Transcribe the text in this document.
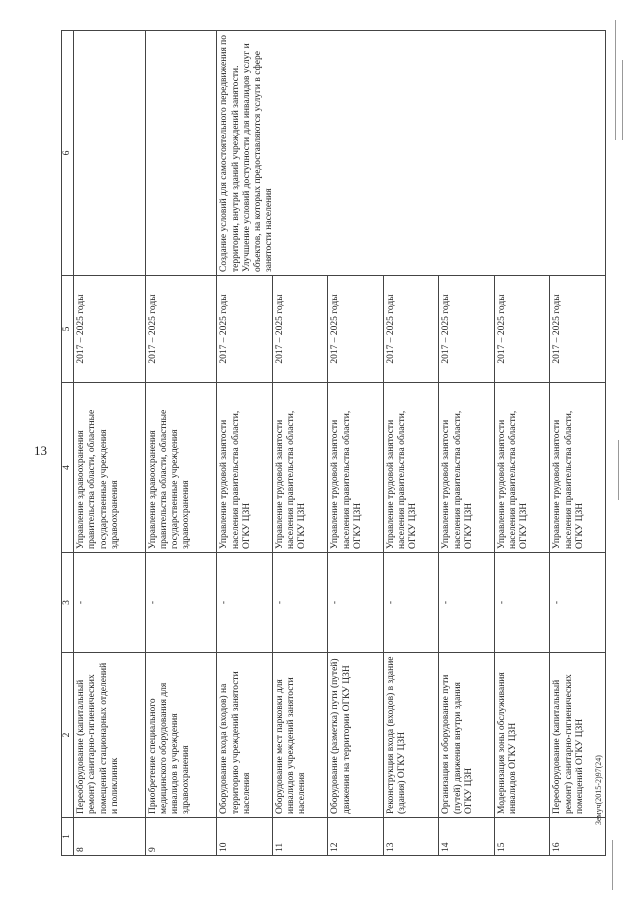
13
Земуч(2015-2)97(24)
1	2	3	4	5	6
8	Переоборудование (капитальный ремонт) санитарно-гигиенических помещений стационарных отделений и поликлиник	-	Управление здравоохранения правительства области, областные государственные учреждения здравоохранения	2017 – 2025 годы	
9	Приобретение специального медицинского оборудования для инвалидов в учреждения здравоохранения	-	Управление здравоохранения правительства области, областные государственные учреждения здравоохранения	2017 – 2025 годы	
10	Оборудование входа (входов) на территорию учреждений занятости населения	-	Управление трудовой занятости населения правительства области, ОГКУ ЦЗН	2017 – 2025 годы	Создание условий для самостоятельного передвижения по территории, внутри зданий учреждений занятости. Улучшение условий доступности для инвалидов услуг и объектов, на которых предоставляются услуги в сфере занятости населения
11	Оборудование мест парковки для инвалидов учреждений занятости населения	-	Управление трудовой занятости населения правительства области, ОГКУ ЦЗН	2017 – 2025 годы	
12	Оборудование (разметка) пути (путей) движения на территории ОГКУ ЦЗН	-	Управление трудовой занятости населения правительства области, ОГКУ ЦЗН	2017 – 2025 годы	
13	Реконструкция входа (входов) в здание (здания) ОГКУ ЦЗН	-	Управление трудовой занятости населения правительства области, ОГКУ ЦЗН	2017 – 2025 годы	
14	Организация и оборудование пути (путей) движения внутри здания ОГКУ ЦЗН	-	Управление трудовой занятости населения правительства области, ОГКУ ЦЗН	2017 – 2025 годы	
15	Модернизация зоны обслуживания инвалидов ОГКУ ЦЗН	-	Управление трудовой занятости населения правительства области, ОГКУ ЦЗН	2017 – 2025 годы	
16	Переоборудование (капитальный ремонт) санитарно-гигиенических помещений ОГКУ ЦЗН	-	Управление трудовой занятости населения правительства области, ОГКУ ЦЗН	2017 – 2025 годы	
